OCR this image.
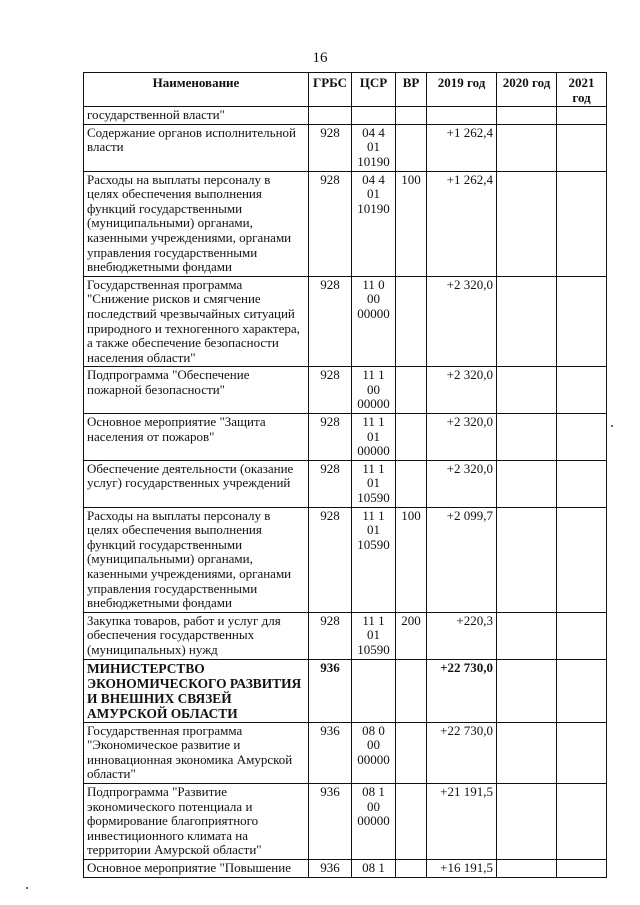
16
Наименование	ГРБС	ЦСР	ВР	2019 год	2020 год	2021 год
государственной власти"						
Содержание органов исполнительной власти	928	04 4 01 10190		+1 262,4		
Расходы на выплаты персоналу в целях обеспечения выполнения функций государственными (муниципальными) органами, казенными учреждениями, органами управления государственными внебюджетными фондами	928	04 4 01 10190	100	+1 262,4		
Государственная программа "Снижение рисков и смягчение последствий чрезвычайных ситуаций природного и техногенного характера, а также обеспечение безопасности населения области"	928	11 0 00 00000		+2 320,0		
Подпрограмма "Обеспечение пожарной безопасности"	928	11 1 00 00000		+2 320,0		
Основное мероприятие "Защита населения от пожаров"	928	11 1 01 00000		+2 320,0		
Обеспечение деятельности (оказание услуг) государственных учреждений	928	11 1 01 10590		+2 320,0		
Расходы на выплаты персоналу в целях обеспечения выполнения функций государственными (муниципальными) органами, казенными учреждениями, органами управления государственными внебюджетными фондами	928	11 1 01 10590	100	+2 099,7		
Закупка товаров, работ и услуг для обеспечения государственных (муниципальных) нужд	928	11 1 01 10590	200	+220,3		
МИНИСТЕРСТВО ЭКОНОМИЧЕСКОГО РАЗВИТИЯ И ВНЕШНИХ СВЯЗЕЙ АМУРСКОЙ ОБЛАСТИ	936			+22 730,0		
Государственная программа "Экономическое развитие и инновационная экономика Амурской области"	936	08 0 00 00000		+22 730,0		
Подпрограмма "Развитие экономического потенциала и формирование благоприятного инвестиционного климата на территории Амурской области"	936	08 1 00 00000		+21 191,5		
Основное мероприятие "Повышение	936	08 1		+16 191,5		
